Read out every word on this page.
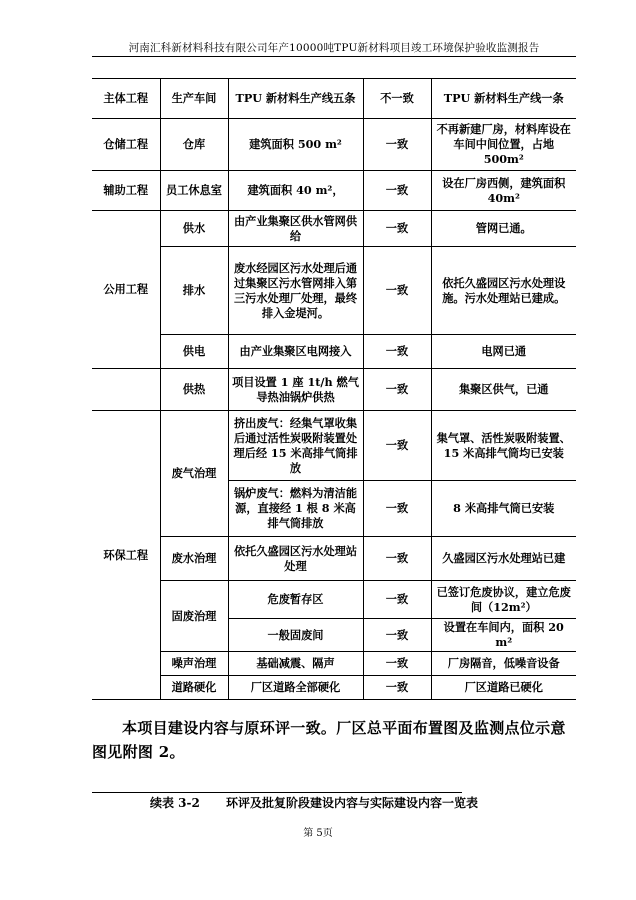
河南汇科新材料科技有限公司年产10000吨TPU新材料项目竣工环境保护验收监测报告
主体工程	生产车间	TPU 新材料生产线五条	不一致	TPU 新材料生产线一条
仓储工程	仓库	建筑面积 500 m²	一致	不再新建厂房，材料库设在车间中间位置，占地500m²
辅助工程	员工休息室	建筑面积 40 m²，	一致	设在厂房西侧，建筑面积40m²
公用工程	供水	由产业集聚区供水管网供给	一致	管网已通。
	排水	废水经园区污水处理后通过集聚区污水管网排入第三污水处理厂处理，最终排入金堤河。	一致	依托久盛园区污水处理设施。污水处理站已建成。
	供电	由产业集聚区电网接入	一致	电网已通
	供热	项目设置 1 座 1t/h 燃气导热油锅炉供热	一致	集聚区供气，已通
环保工程	废气治理	挤出废气：经集气罩收集后通过活性炭吸附装置处理后经 15 米高排气筒排放	一致	集气罩、活性炭吸附装置、15 米高排气筒均已安装
		锅炉废气：燃料为清洁能源，直接经 1 根 8 米高排气筒排放	一致	8 米高排气筒已安装
	废水治理	依托久盛园区污水处理站处理	一致	久盛园区污水处理站已建
	固废治理	危废暂存区	一致	已签订危废协议，建立危废间（12m²）
		一般固废间	一致	设置在车间内，面积 20 m²
	噪声治理	基础减震、隔声	一致	厂房隔音，低噪音设备
	道路硬化	厂区道路全部硬化	一致	厂区道路已硬化
本项目建设内容与原环评一致。厂区总平面布置图及监测点位示意图见附图 2。
续表 3-2 环评及批复阶段建设内容与实际建设内容一览表
第 5页
